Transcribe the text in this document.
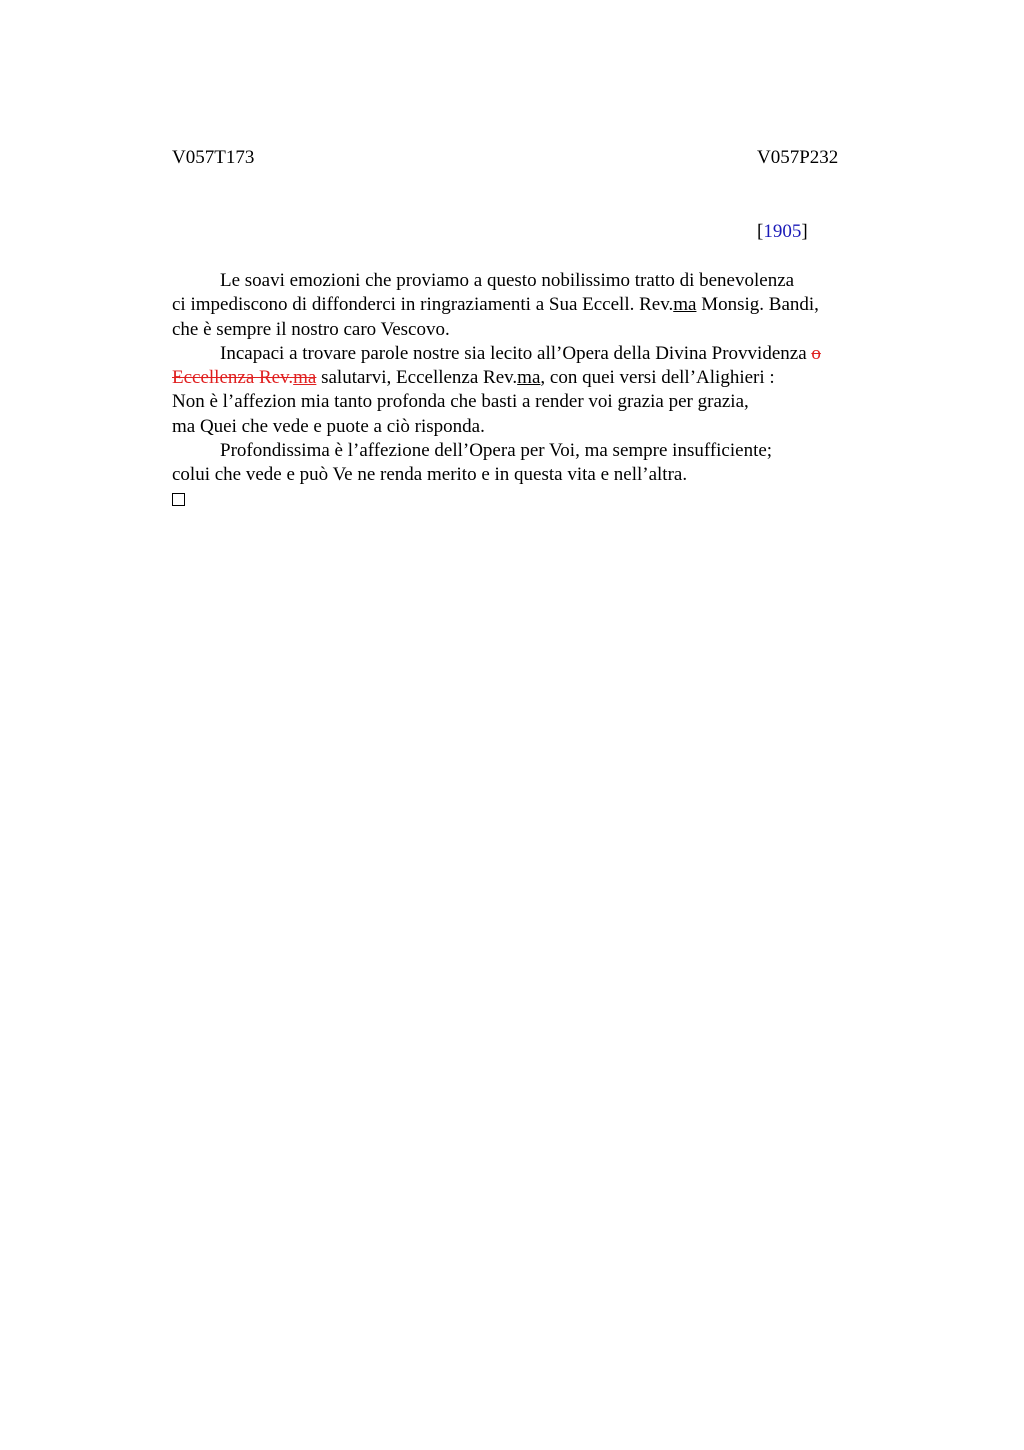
V057T173	V057P232
[1905]
Le soavi emozioni che proviamo a questo nobilissimo tratto di benevolenza
ci impediscono di diffonderci in ringraziamenti a Sua Eccell. Rev.ma Monsig. Bandi,
che è sempre il nostro caro Vescovo.
Incapaci a trovare parole nostre sia lecito all’Opera della Divina Provvidenza o
Eccellenza Rev.ma salutarvi, Eccellenza Rev.ma, con quei versi dell’Alighieri :
Non è l’affezion mia tanto profonda che basti a render voi grazia per grazia,
ma Quei che vede e puote a ciò risponda.
Profondissima è l’affezione dell’Opera per Voi, ma sempre insufficiente;
colui che vede e può Ve ne renda merito e in questa vita e nell’altra.
